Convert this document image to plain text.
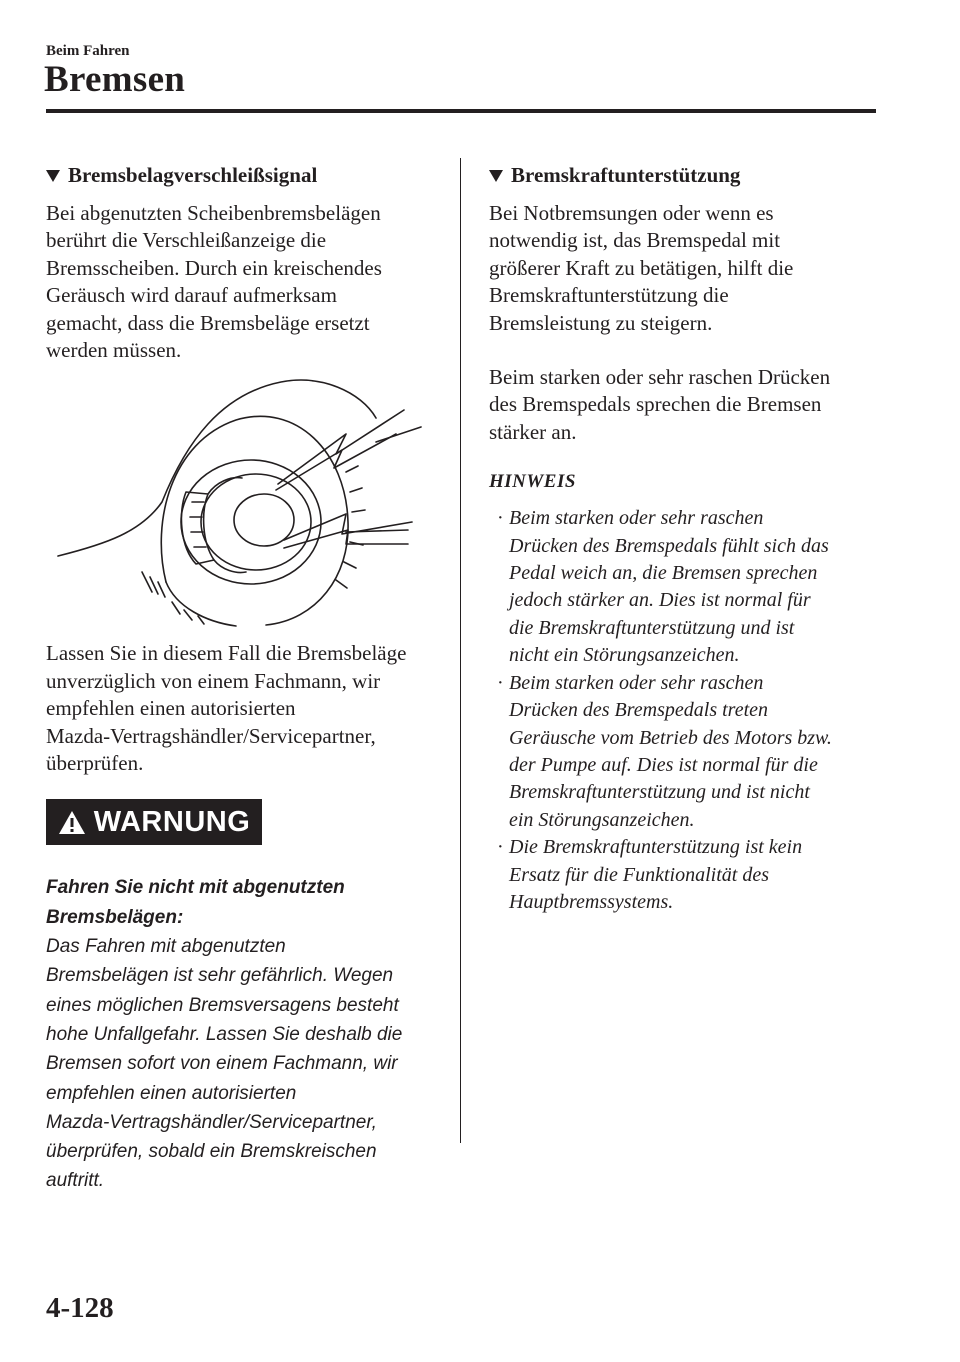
Beim Fahren
Bremsen
Bremsbelagverschleißsignal

Bei abgenutzten Scheibenbremsbelägen
berührt die Verschleißanzeige die
Bremsscheiben. Durch ein kreischendes
Geräusch wird darauf aufmerksam
gemacht, dass die Bremsbeläge ersetzt
werden müssen.

Lassen Sie in diesem Fall die Bremsbeläge
unverzüglich von einem Fachmann, wir
empfehlen einen autorisierten
Mazda-Vertragshändler/Servicepartner,
überprüfen.

WARNUNG

Fahren Sie nicht mit abgenutzten
Bremsbelägen:
Das Fahren mit abgenutzten
Bremsbelägen ist sehr gefährlich. Wegen
eines möglichen Bremsversagens besteht
hohe Unfallgefahr. Lassen Sie deshalb die
Bremsen sofort von einem Fachmann, wir
empfehlen einen autorisierten
Mazda-Vertragshändler/Servicepartner,
überprüfen, sobald ein Bremskreischen
auftritt.

Bremskraftunterstützung

Bei Notbremsungen oder wenn es
notwendig ist, das Bremspedal mit
größerer Kraft zu betätigen, hilft die
Bremskraftunterstützung die
Bremsleistung zu steigern.

Beim starken oder sehr raschen Drücken
des Bremspedals sprechen die Bremsen
stärker an.

HINWEIS

· Beim starken oder sehr raschen
Drücken des Bremspedals fühlt sich das
Pedal weich an, die Bremsen sprechen
jedoch stärker an. Dies ist normal für
die Bremskraftunterstützung und ist
nicht ein Störungsanzeichen.
· Beim starken oder sehr raschen
Drücken des Bremspedals treten
Geräusche vom Betrieb des Motors bzw.
der Pumpe auf. Dies ist normal für die
Bremskraftunterstützung und ist nicht
ein Störungsanzeichen.
· Die Bremskraftunterstützung ist kein
Ersatz für die Funktionalität des
Hauptbremssystems.
4-128
